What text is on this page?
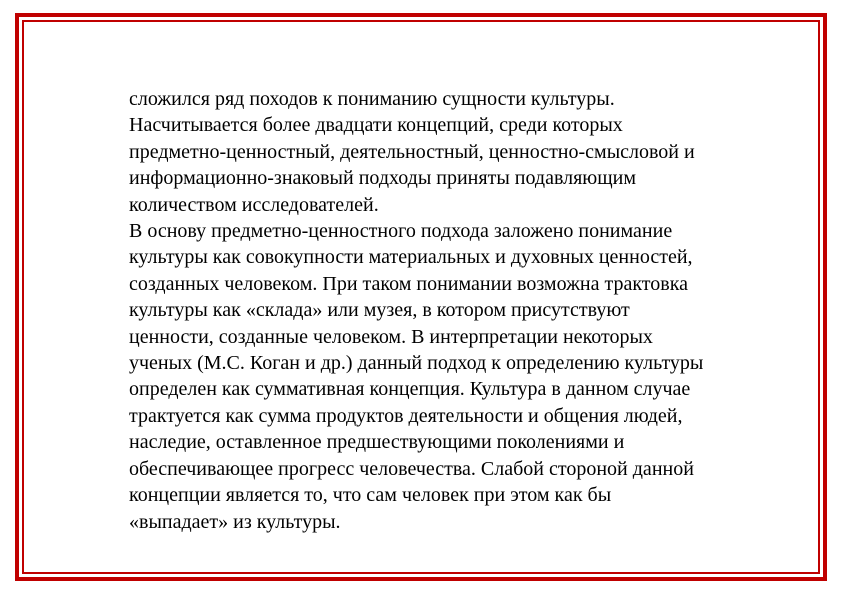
сложился ряд походов к пониманию сущности культуры.
Насчитывается более двадцати концепций, среди которых
предметно-ценностный, деятельностный, ценностно-смысловой и
информационно-знаковый подходы приняты подавляющим
количеством исследователей.
В основу предметно-ценностного подхода заложено понимание
культуры как совокупности материальных и духовных ценностей,
созданных человеком. При таком понимании возможна трактовка
культуры как «склада» или музея, в котором присутствуют
ценности, созданные человеком. В интерпретации некоторых
ученых (М.С. Коган и др.) данный подход к определению культуры
определен как суммативная концепция. Культура в данном случае
трактуется как сумма продуктов деятельности и общения людей,
наследие, оставленное предшествующими поколениями и
обеспечивающее прогресс человечества. Слабой стороной данной
концепции является то, что сам человек при этом как бы
«выпадает» из культуры.
